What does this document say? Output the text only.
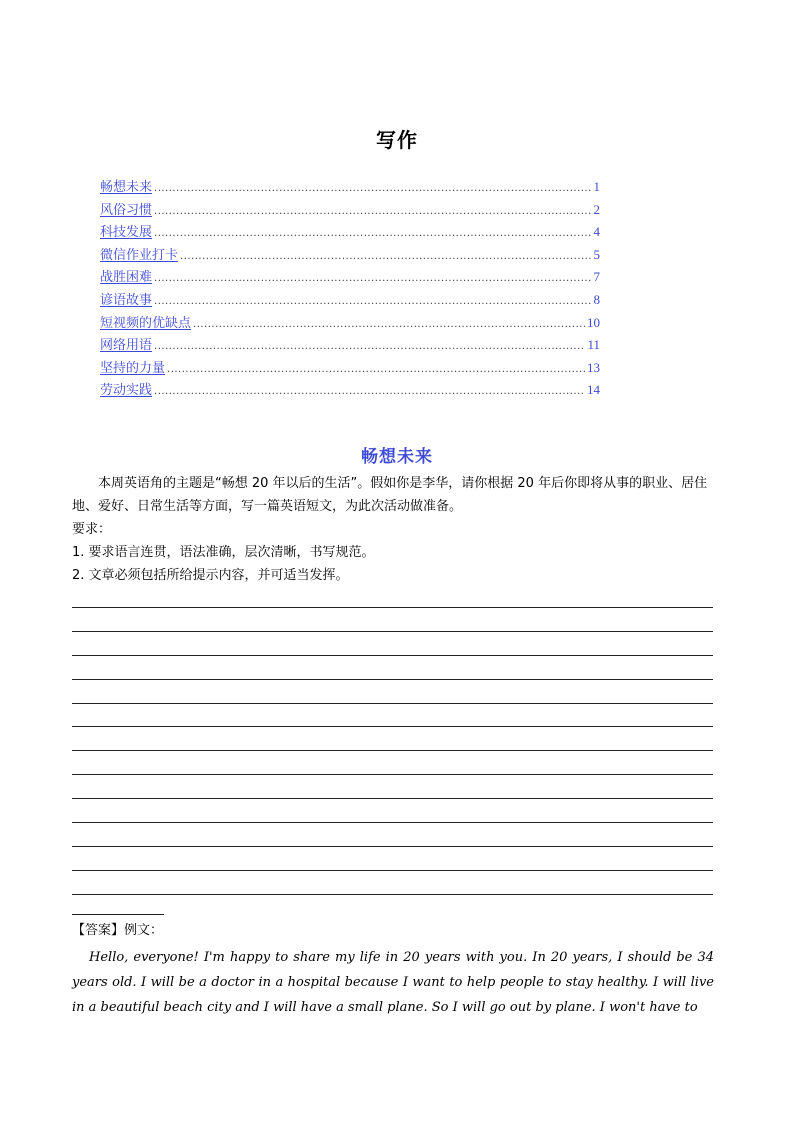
写作
畅想未来 .....	1
风俗习惯 .....	2
科技发展 .....	4
微信作业打卡 .....	5
战胜困难 .....	7
谚语故事 .....	8
短视频的优缺点 .....	10
网络用语 .....	11
坚持的力量 .....	13
劳动实践 .....	14
畅想未来
本周英语角的主题是“畅想 20 年以后的生活”。假如你是李华，请你根据 20 年后你即将从事的职业、居住地、爱好、日常生活等方面，写一篇英语短文，为此次活动做准备。
要求：
1. 要求语言连贯，语法准确，层次清晰，书写规范。
2. 文章必须包括所给提示内容，并可适当发挥。
【答案】例文：
Hello, everyone! I'm happy to share my life in 20 years with you. In 20 years, I should be 34 years old. I will be a doctor in a hospital because I want to help people to stay healthy. I will live in a beautiful beach city and I will have a small plane. So I will go out by plane. I won't have to
